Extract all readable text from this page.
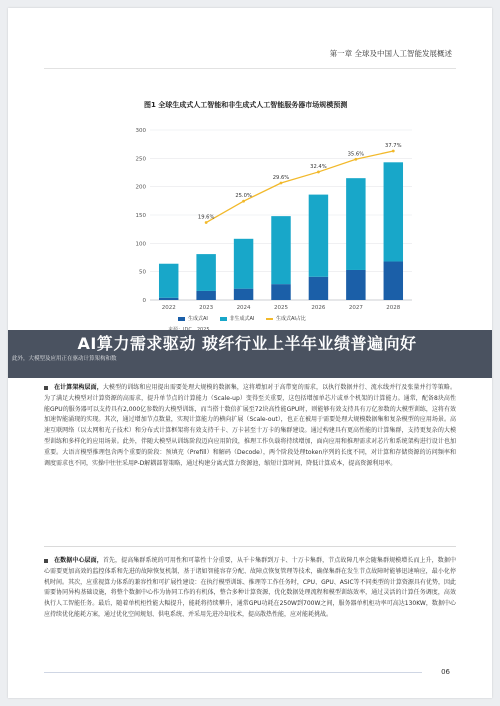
第一章 全球及中国人工智能发展概述
图1 全球生成式人工智能和非生成式人工智能服务器市场规模预测
0
50
100
150
200
250
300
2022	2023	2024	2025	2026	2027	2028
19.6%
25.0%
29.6%
32.4%
35.6%
37.7%
生成式AI	非生成式AI	生成式AI占比
此外，大模型及应用正在驱动计算架构和数
AI算力需求驱动 玻纤行业上半年业绩普遍向好
在计算架构层面，大模型的训练和应用提出需要处理大规模的数据集，这将增加对于高带宽的需求，以执行数据并行、流水线并行及张量并行等策略。为了满足大模型对计算资源的高需求，提升单节点的计算能力（Scale-up）变得至关重要，这包括增加单芯片或单个机架的计算能力。通常，配备8块高性能GPU的服务器可以支持具有2,000亿参数的大模型训练，而当搭十数倍扩展至72块高性能GPU时，则能够有效支持具有万亿参数的大模型训练，这将有效加速智能涌现的实现。其次，通过增加节点数量，实现计算能力的横向扩展（Scale-out），也正在被用于需要处理大规模数据集和复杂模型的应用场景。高速互联网络（以太网和光子技术）和分布式计算框架将有效支持千卡、万卡甚至十万卡的集群建设。通过构建具有更高性能的计算集群，支持更复杂的大模型训练和多样化的应用场景。此外，伴随大模型从训练阶段迈向应用阶段，推理工作负载将持续增加，面向应用和推理需求对芯片和系统架构进行设计也加重要。大语言模型推理包含两个重要的阶段：预填充（Prefill）和解码（Decode），两个阶段处理token序列的长度不同，对计算和存储资源的访问频率和调度需求也不同，实操中往往采用P-D解耦部署策略，通过构建分离式算力资源池，缩短计算时间，降低计算成本，提高资源利用率。
在数据中心层面，首先，提高集群系统的可用性和可靠性十分重要，从千卡集群到万卡、十万卡集群，节点故障几率会随集群规模增长而上升，数据中心需要更加高效的监控体系和先进的故障恢复机制，基于诸如智能容存分配、故障点恢复管理等技术，确保集群在发生节点故障时能够迅速响应，最小化停机时间。其次，应重视算力体系的兼容性和可扩展性建设：在执行模型训练、推理等工作任务时，CPU、GPU、ASIC等不同类型的计算资源具有优势，因此需要协同异构基础设施，将整个数据中心作为协同工作的有机体，整合多种计算资源，优化数据处理流程和模型训练效率，通过灵活的计算任务调度，高效执行人工智能任务。最后，随着单机柜性能大幅提升，能耗将持续攀升，通常GPU功耗在250W到700W之间，服务器单机柜功率可高达130KW，数据中心应持续优化能耗方案，通过优化空间规划、供电系统、并采用先进冷却技术，提高散热性能，应对能耗挑战。
06
